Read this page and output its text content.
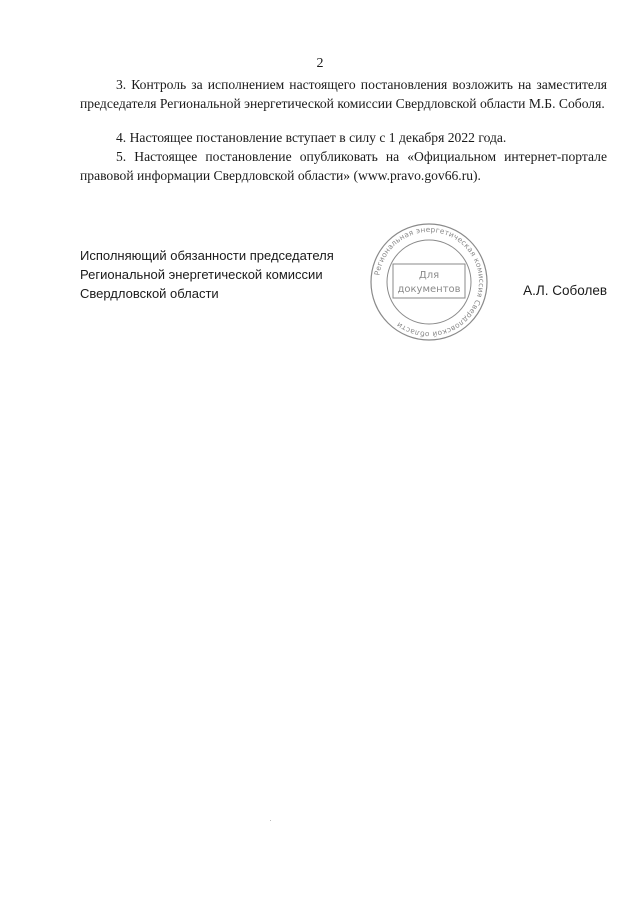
2
3. Контроль за исполнением настоящего постановления возложить на заместителя председателя Региональной энергетической комиссии Свердловской области М.Б. Соболя.
4. Настоящее постановление вступает в силу с 1 декабря 2022 года.
5. Настоящее постановление опубликовать на «Официальном интернет-портале правовой информации Свердловской области» (www.pravo.gov66.ru).
Исполняющий обязанности председателя
Региональной энергетической комиссии
Свердловской области
Региональная энергетическая комиссия Свердловской области
Для
документов	А.Л. Соболев
